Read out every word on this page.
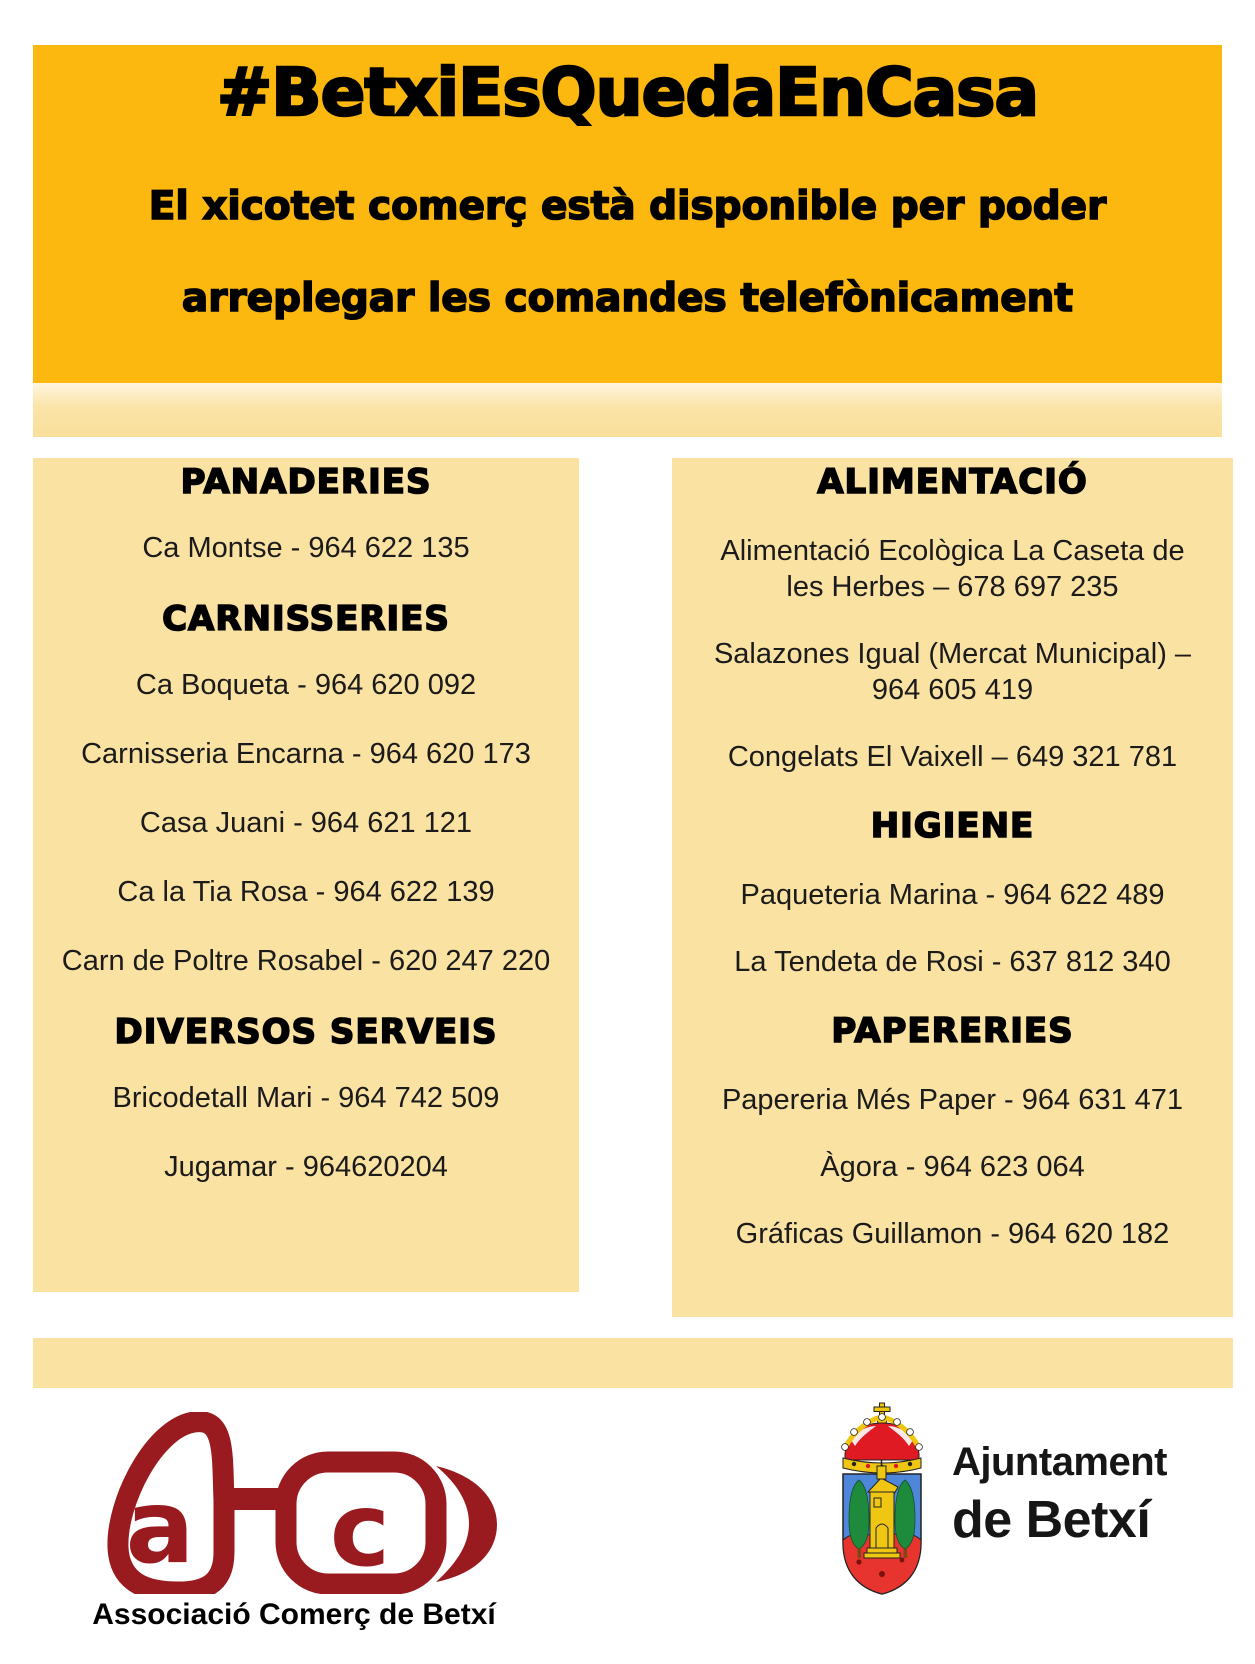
#BetxiEsQuedaEnCasa
El xicotet comerç està disponible per poder
arreplegar les comandes telefònicament
PANADERIES
Ca Montse - 964 622 135
CARNISSERIES
Ca Boqueta - 964 620 092
Carnisseria Encarna - 964 620 173
Casa Juani - 964 621 121
Ca la Tia Rosa - 964 622 139
Carn de Poltre Rosabel - 620 247 220
DIVERSOS SERVEIS
Bricodetall Mari - 964 742 509
Jugamar - 964620204
ALIMENTACIÓ
Alimentació Ecològica La Caseta de les Herbes – 678 697 235
Salazones Igual (Mercat Municipal) – 964 605 419
Congelats El Vaixell – 649 321 781
HIGIENE
Paqueteria Marina - 964 622 489
La Tendeta de Rosi - 637 812 340
PAPERERIES
Papereria Més Paper - 964 631 471
Àgora - 964 623 064
Gráficas Guillamon - 964 620 182
a c
Associació Comerç de Betxí
Ajuntament
de Betxí
